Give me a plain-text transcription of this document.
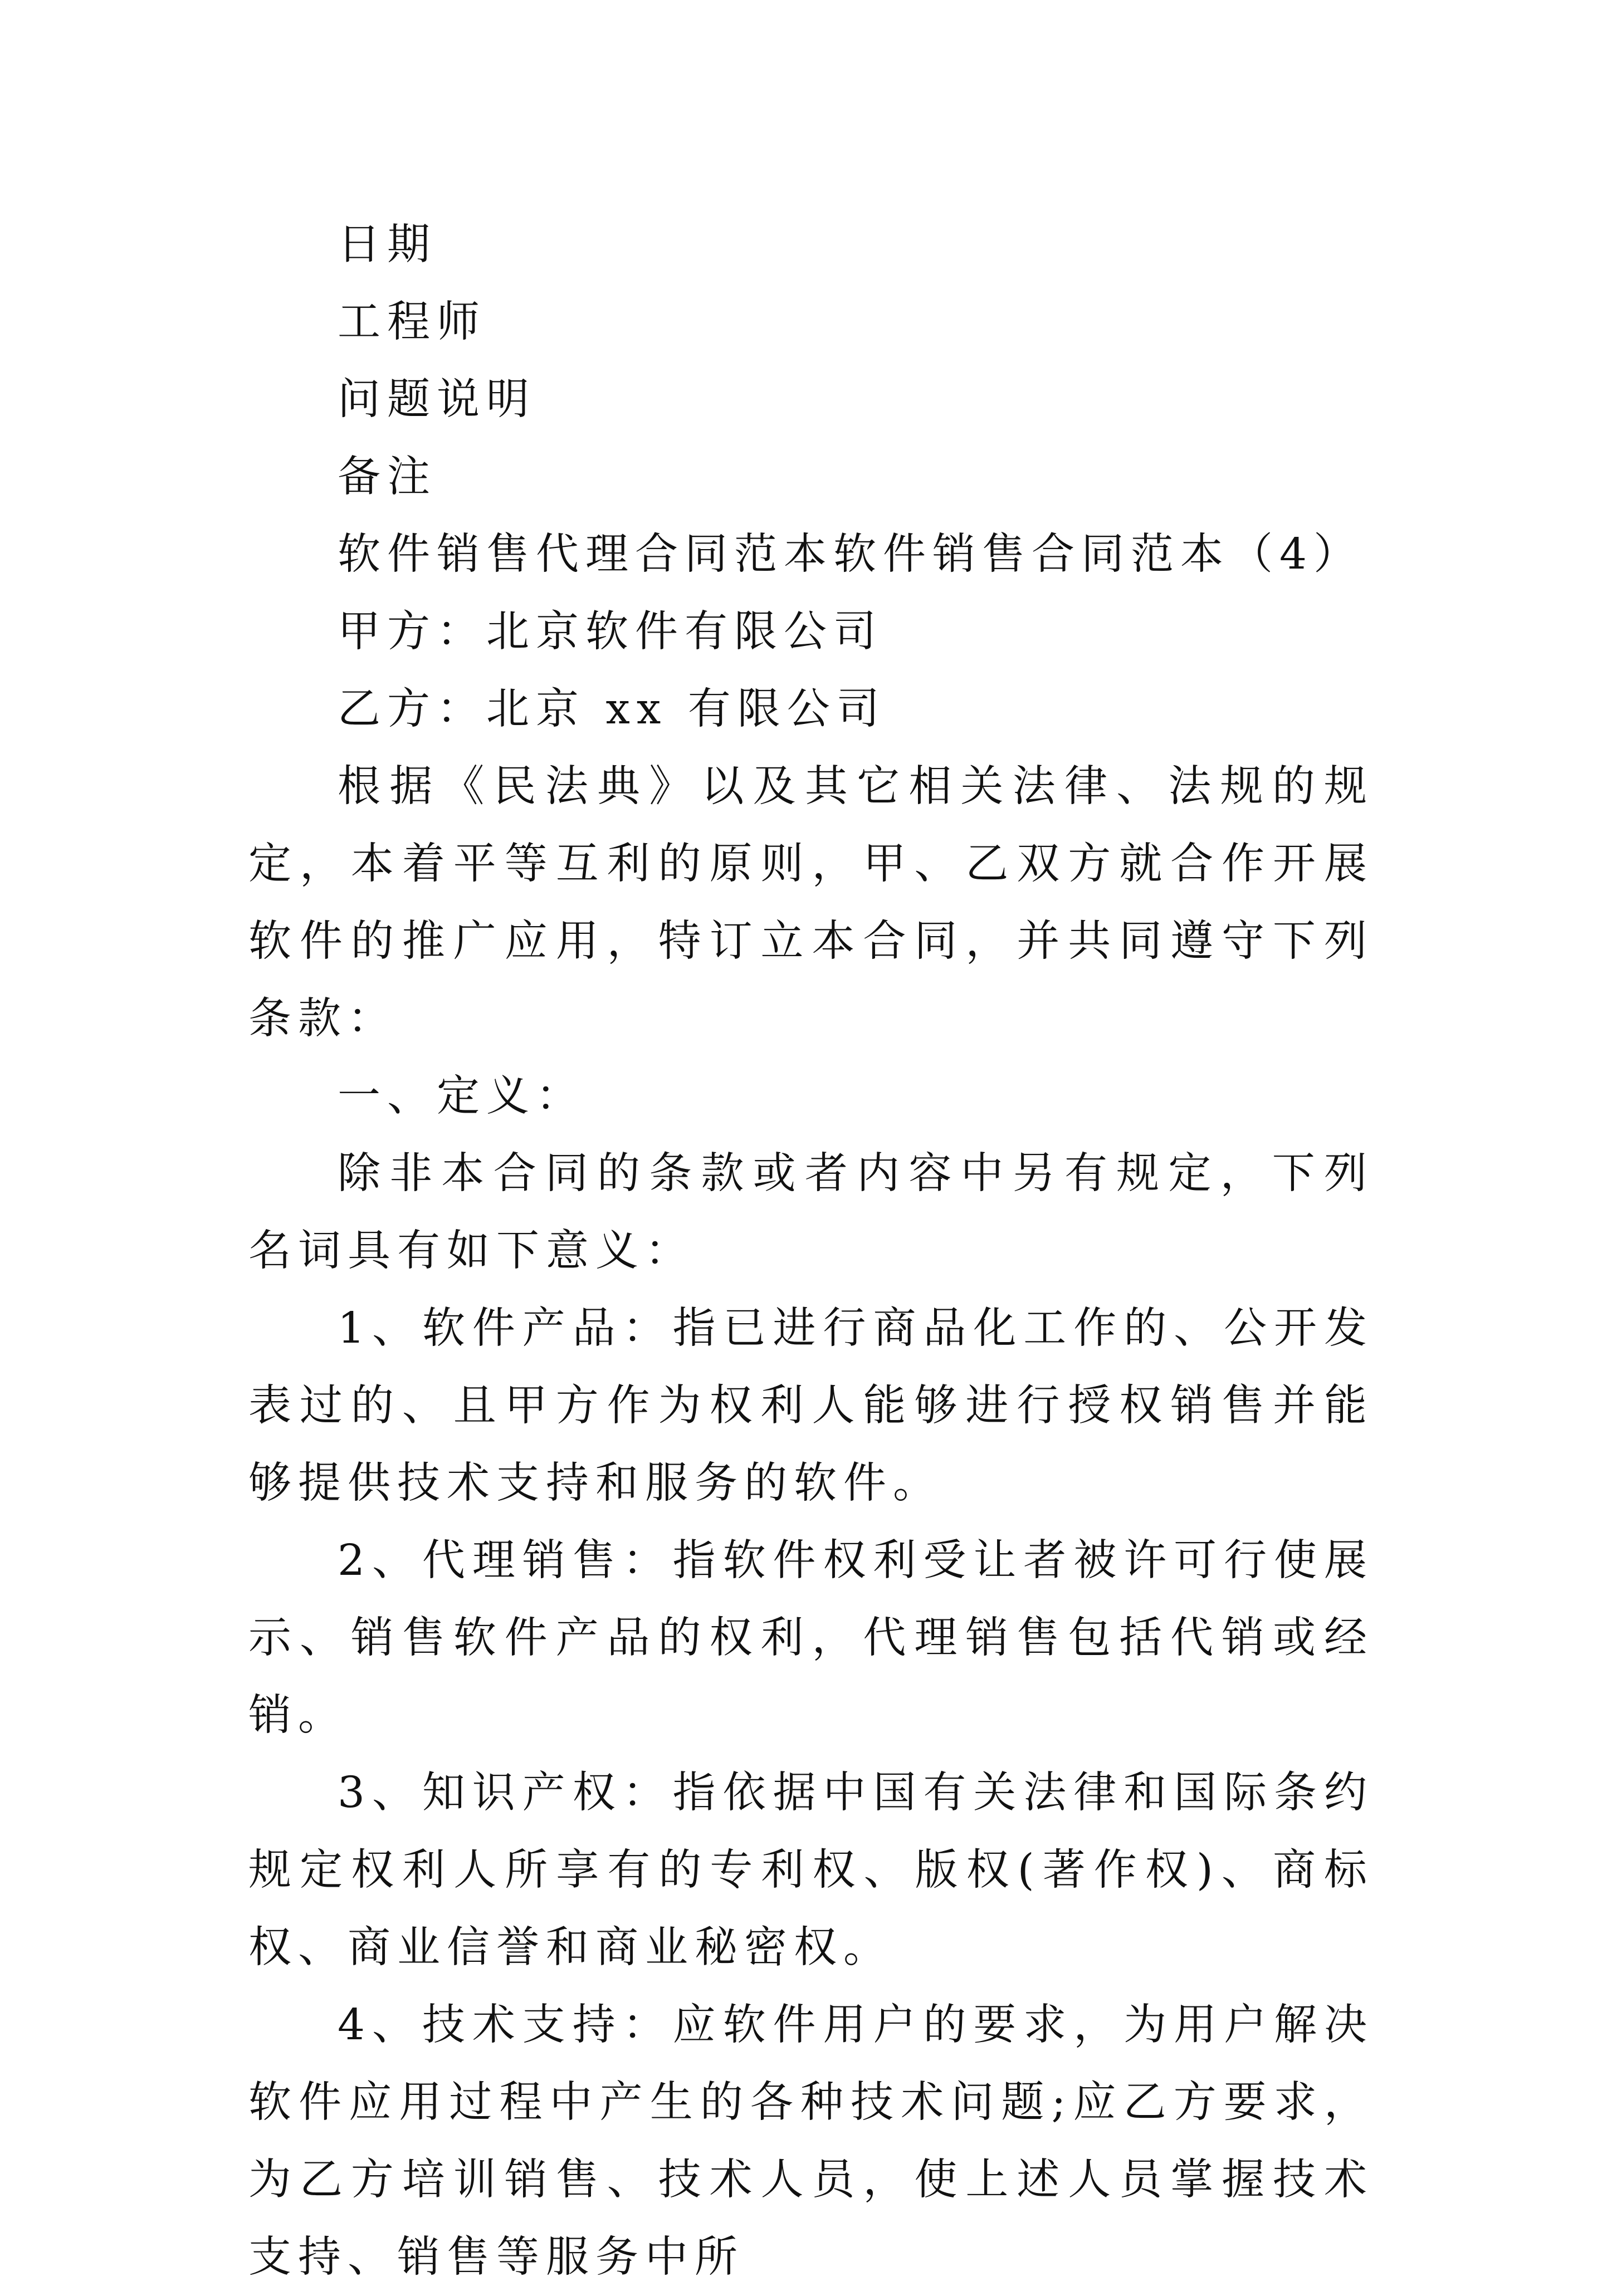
日期
工程师
问题说明
备注
软件销售代理合同范本软件销售合同范本（4）
甲方：北京软件有限公司
乙方：北京 xx 有限公司

根据《民法典》以及其它相关法律、法规的规定，本着平等互利的原则，甲、乙双方就合作开展软件的推广应用，特订立本合同，并共同遵守下列条款：

一、定义：

除非本合同的条款或者内容中另有规定，下列名词具有如下意义：

1、软件产品：指已进行商品化工作的、公开发表过的、且甲方作为权利人能够进行授权销售并能够提供技术支持和服务的软件。

2、代理销售：指软件权利受让者被许可行使展示、销售软件产品的权利，代理销售包括代销或经销。

3、知识产权：指依据中国有关法律和国际条约规定权利人所享有的专利权、版权(著作权)、商标权、商业信誉和商业秘密权。

4、技术支持：应软件用户的要求，为用户解决软件应用过程中产生的各种技术问题;应乙方要求，为乙方培训销售、技术人员，使上述人员掌握技术支持、销售等服务中所
